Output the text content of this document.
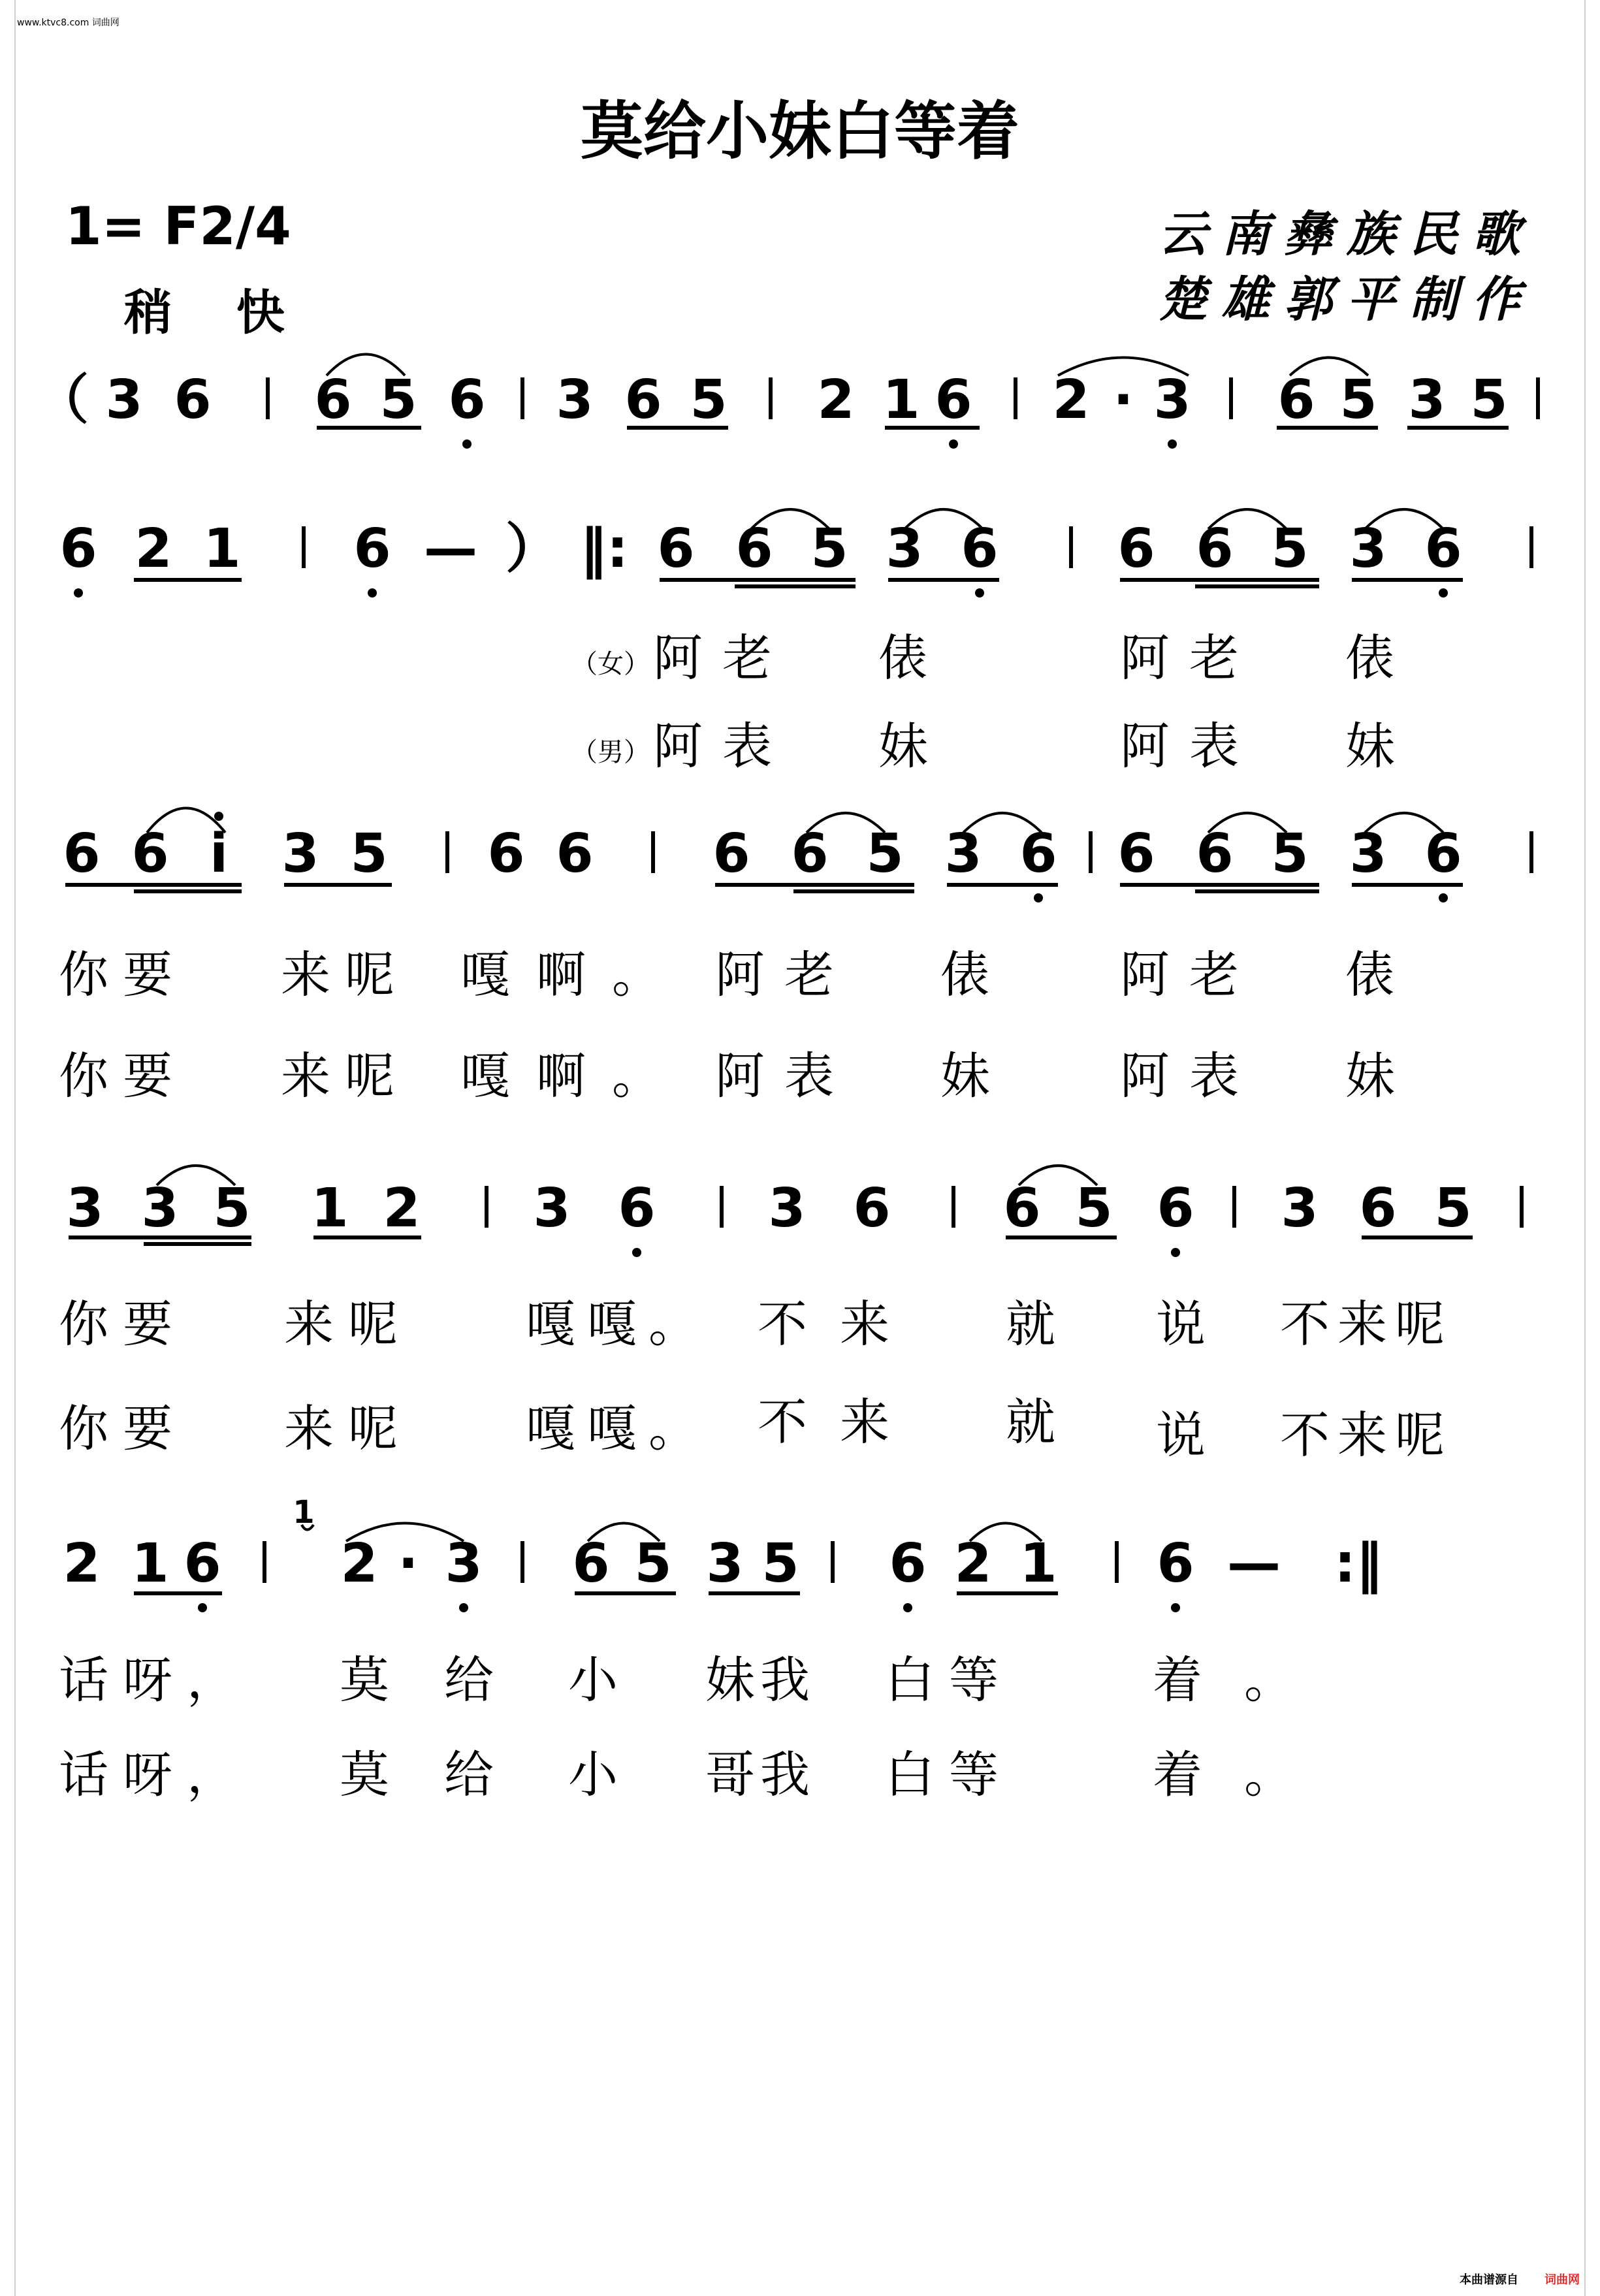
www.ktvc8.com 词曲网
莫给小妹白等着
1= F2/4
稍 快
云南彝族民歌
楚雄郭平制作
（ 3 6 6 5 6 3 6 5 2 1 6 2 · 3 6 5 3 5
6 2 1 6 — ） ‖: 6 6 5 3 6 6 6 5 3 6
6 6 i 3 5 6 6 6 6 5 3 6 6 6 5 3 6
3 3 5 1 2 3 6 3 6 6 5 6 3 6 5
2 1 6
1
2 · 3 6 5 3 5 6 2 1 6 — :‖
（女）
（男）
阿老 俵	阿老 俵
阿表 妹	阿表 妹
你要 来呢 嘎啊。 阿老 俵	阿老 俵
你要 来呢 嘎啊。 阿表 妹	阿表 妹
你要 来呢 嘎嘎。 不来 就 说 不来呢
你要 来呢 嘎嘎。 不来 就 说 不来呢
话呀， 莫 给 小 妹我 白等	着 。
话呀， 莫 给 小 哥我 白等	着 。
本曲谱源自 词曲网
